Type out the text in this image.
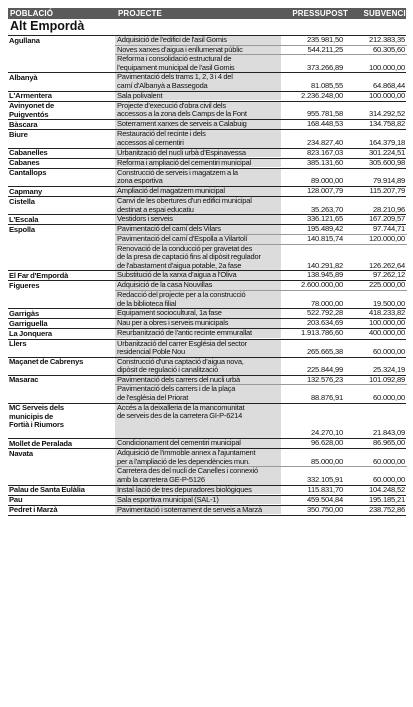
POBLACIÓ	PROJECTE	PRESSUPOST	SUBVENCIÓ
Alt Empordà
Agullana	Adquisició de l'edifici de l'asil Gomis	235.981,50	212.383,35
Noves xarxes d'aigua i enllumenat públic	544.211,25	60.305,60
Reforma i consolidació estructural de
l'equipament municipal de l'asil Gomis	373.266,89	100.000,00
Albanyà	Pavimentació dels trams 1, 2, 3 i 4 del
camí d'Albanyà a Bassegoda	81.085,55	64.868,44
L'Armentera	Sala polivalent	2.236.248,00	100.000,00
Avinyonet de
Puigventós
Projecte d'execució d'obra civil dels
accessos a la zona dels Camps de la Font	955.781,58	314.292,52
Bàscara	Soterrament xarxes de serveis a Calabuig	168.448,53	134.758,82
Biure	Restauració del recinte i dels
accessos al cementiri	234.827,40	164.379,18
Cabanelles	Urbanització del nucli urbà d'Espinavessa	823.167,03	301.224,51
Cabanes	Reforma i ampliació del cementiri municipal	385.131,60	305.600,98
Cantallops	Construcció de serveis i magatzem a la
zona esportiva	89.000,00	79.914,89
Capmany	Ampliació del magatzem municipal	128.007,79	115.207,79
Cistella	Canvi de les obertures d'un edifici municipal
destinat a espai educatiu	35.263,70	28.210,96
L'Escala	Vestidors i serveis	336.121,65	167.209,57
Espolla	Pavimentació del camí dels Vilars	195.489,42	97.744,71
Pavimentació del camí d'Espolla a Vilartolí	140.815,74	120.000,00
Renovació de la conducció per gravetat des
de la presa de captació fins al dipòsit regulador
de l'abastament d'aigua potable, 2a fase	140.291,82	126.262,64
El Far d'Empordà	Substitució de la xarxa d'aigua a l'Oliva	138.945,89	97.262,12
Figueres	Adquisició de la casa Nouvillas	2.600.000,00	225.000,00
Redacció del projecte per a la construcció
de la biblioteca filial	78.000,00	19.500,00
Garrigàs	Equipament sociocultural, 1a fase	522.792,28	418.233,82
Garriguella	Nau per a obres i serveis municipals	203.634,69	100.000,00
La Jonquera	Reurbanització de l'antic recinte emmurallat	1.913.786,60	400.000,00
Llers	Urbanització del carrer Església del sector
residencial Poble Nou	265.665,38	60.000,00
Maçanet de Cabrenys	Construcció d'una captació d'aigua nova,
dipòsit de regulació i canalització	225.844,99	25.324,19
Masarac	Pavimentació dels carrers del nucli urbà	132.576,23	101.092,89
Pavimentació dels carrers i de la plaça
de l'església del Priorat	88.876,91	60.000,00
MC Serveis dels
municipis de
Fortià i Riumors
Accés a la deixalleria de la mancomunitat
de serveis des de la carretera GI-P-6214

24.270,10	21.843,09
Mollet de Peralada	Condicionament del cementiri municipal	96.628,00	86.965,00
Navata	Adquisició de l'immoble annex a l'ajuntament
per a l'ampliació de les dependències mun.	85.000,00	60.000,00
Carretera des del nucli de Canelles i connexió
amb la carretera GE-P-5126	332.105,91	60.000,00
Palau de Santa Eulàlia	Instal·lació de tres depuradores biològiques	115.831,70	104.248,52
Pau	Sala esportiva municipal (SAL-1)	459.504,84	195.185,21
Pedret i Marzà	Pavimentació i soterrament de serveis a Marzà	350.750,00	238.752,86
